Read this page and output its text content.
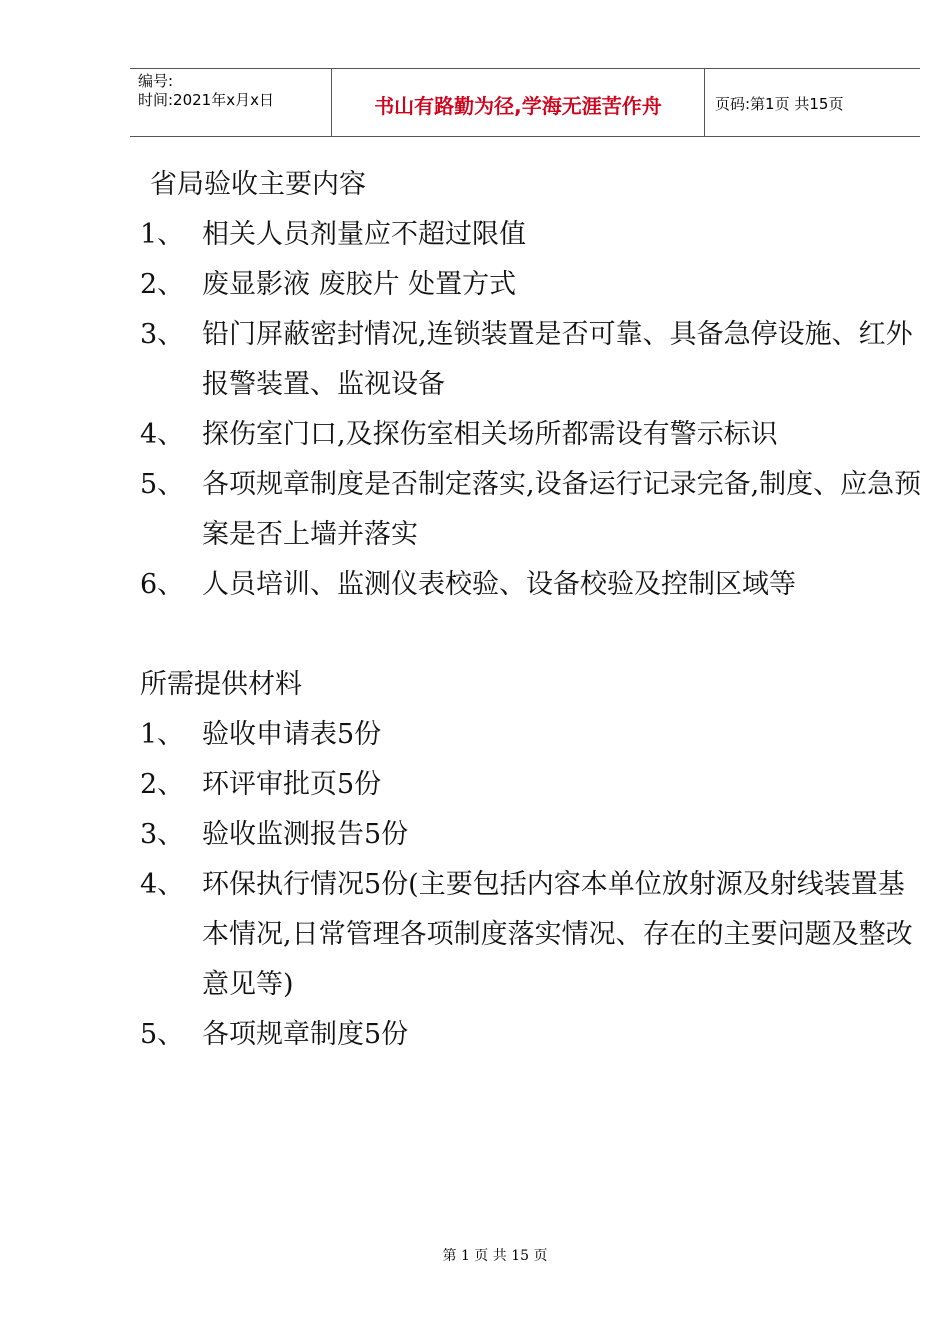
编号:
时间:2021年x月x日	书山有路勤为径,学海无涯苦作舟	页码:第1页 共15页
省局验收主要内容
1、 相关人员剂量应不超过限值
2、 废显影液 废胶片 处置方式
3、 铅门屏蔽密封情况,连锁装置是否可靠、具备急停设施、红外报警装置、监视设备
4、 探伤室门口,及探伤室相关场所都需设有警示标识
5、 各项规章制度是否制定落实,设备运行记录完备,制度、应急预案是否上墙并落实
6、 人员培训、监测仪表校验、设备校验及控制区域等
所需提供材料
1、 验收申请表5份
2、 环评审批页5份
3、 验收监测报告5份
4、 环保执行情况5份(主要包括内容本单位放射源及射线装置基本情况,日常管理各项制度落实情况、存在的主要问题及整改意见等)
5、 各项规章制度5份
第 1 页 共 15 页
